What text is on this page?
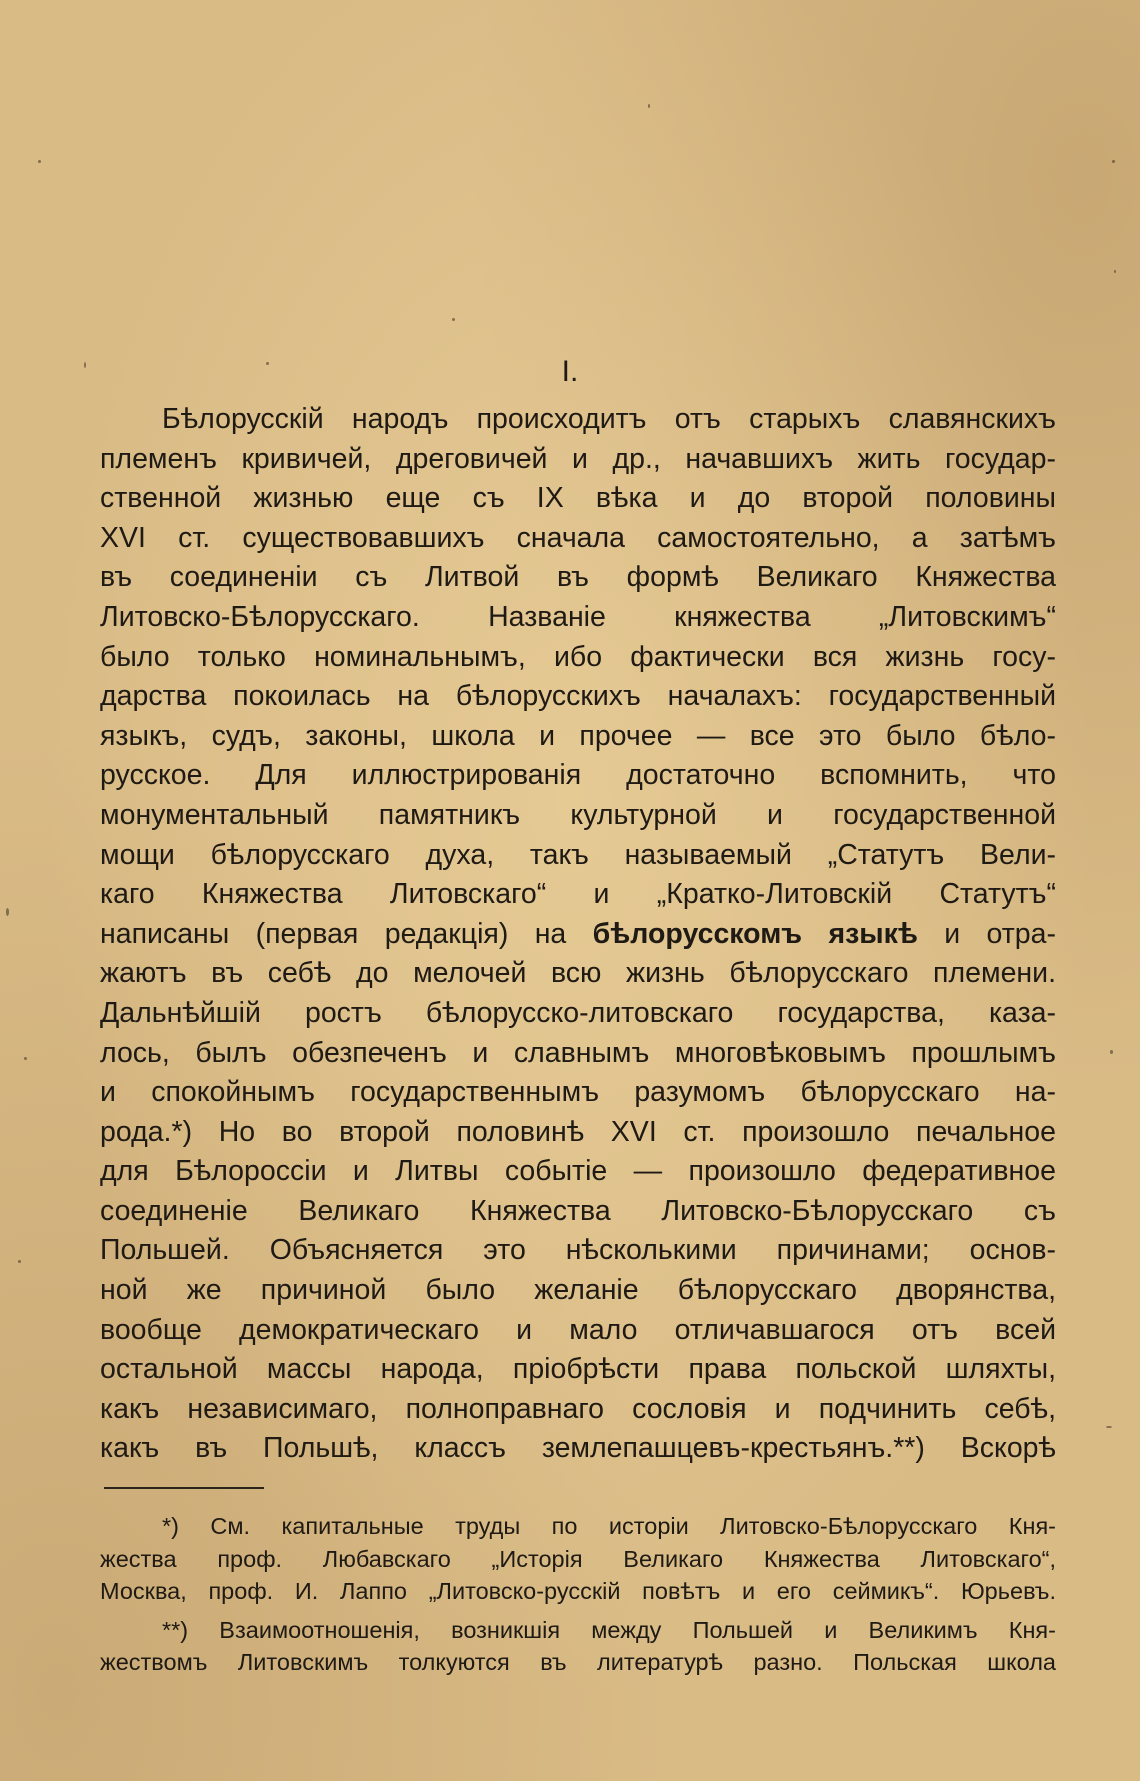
I.
Бѣлорусскій народъ происходитъ отъ старыхъ славянскихъ
племенъ кривичей, дреговичей и др., начавшихъ жить государ-
ственной жизнью еще съ IX вѣка и до второй половины
XVI ст. существовавшихъ сначала самостоятельно, а затѣмъ
въ соединеніи съ Литвой въ формѣ Великаго Княжества
Литовско-Бѣлорусскаго. Названіе княжества „Литовскимъ“
было только номинальнымъ, ибо фактически вся жизнь госу-
дарства покоилась на бѣлорусскихъ началахъ: государственный
языкъ, судъ, законы, школа и прочее — все это было бѣло-
русское. Для иллюстрированія достаточно вспомнить, что
монументальный памятникъ культурной и государственной
мощи бѣлорусскаго духа, такъ называемый „Статутъ Вели-
каго Княжества Литовскаго“ и „Кратко-Литовскій Статутъ“
написаны (первая редакція) на бѣлорусскомъ языкѣ и отра-
жаютъ въ себѣ до мелочей всю жизнь бѣлорусскаго племени.
Дальнѣйшій ростъ бѣлорусско-литовскаго государства, каза-
лось, былъ обезпеченъ и славнымъ многовѣковымъ прошлымъ
и спокойнымъ государственнымъ разумомъ бѣлорусскаго на-
рода.*) Но во второй половинѣ XVI ст. произошло печальное
для Бѣлороссіи и Литвы событіе — произошло федеративное
соединеніе Великаго Княжества Литовско-Бѣлорусскаго съ
Польшей. Объясняется это нѣсколькими причинами; основ-
ной же причиной было желаніе бѣлорусскаго дворянства,
вообще демократическаго и мало отличавшагося отъ всей
остальной массы народа, пріобрѣсти права польской шляхты,
какъ независимаго, полноправнаго сословія и подчинить себѣ,
какъ въ Польшѣ, классъ землепашцевъ-крестьянъ.**) Вскорѣ
*) См. капитальные труды по исторіи Литовско-Бѣлорусскаго Кня-
жества проф. Любавскаго „Исторія Великаго Княжества Литовскаго“,
Москва, проф. И. Лаппо „Литовско-русскій повѣтъ и его сеймикъ“. Юрьевъ.
**) Взаимоотношенія, возникшія между Польшей и Великимъ Кня-
жествомъ Литовскимъ толкуются въ литературѣ разно. Польская школа
